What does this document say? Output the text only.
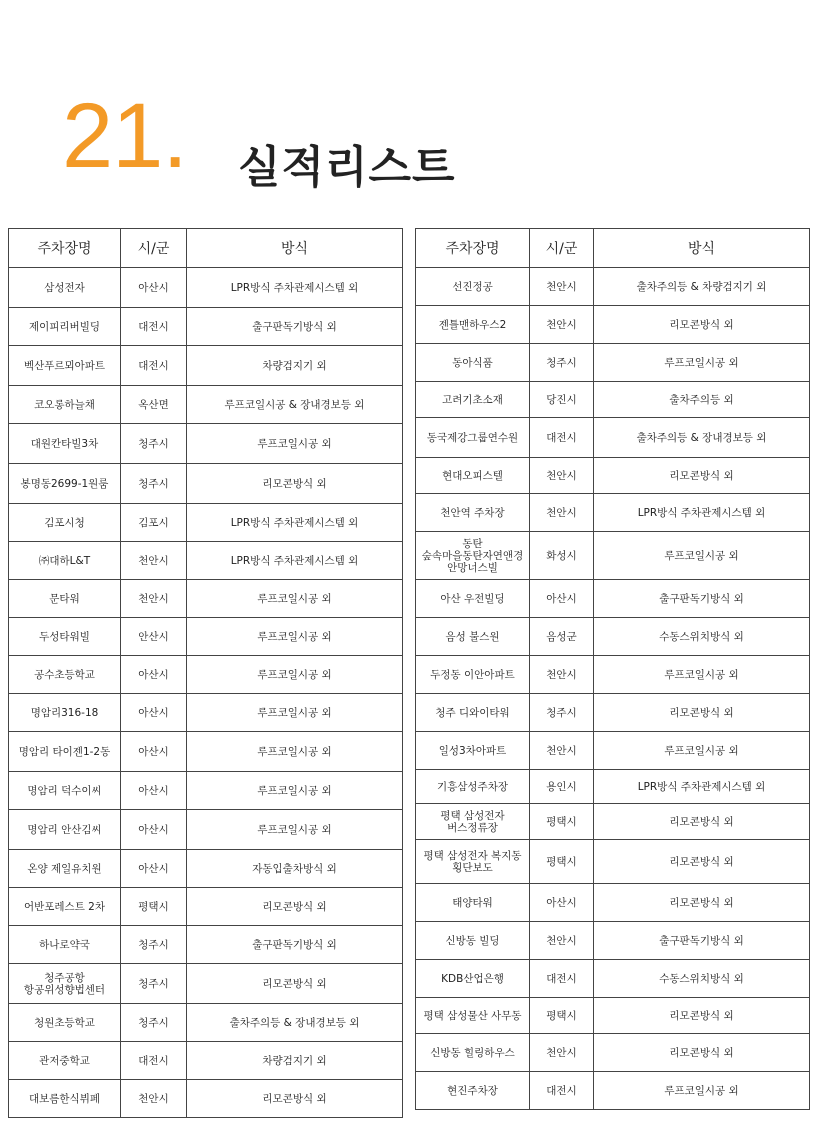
21. 실적리스트
주차장명	시/군	방식
삼성전자	아산시	LPR방식 주차관제시스템 외
제이피리버빌딩	대전시	출구판독기방식 외
벡산푸르뫼아파트	대전시	차량검지기 외
코오롱하늘채	옥산면	루프코일시공 & 장내경보등 외
대원칸타빌3차	청주시	루프코일시공 외
봉명동2699-1원룸	청주시	리모콘방식 외
김포시청	김포시	LPR방식 주차관제시스템 외
㈜대하L&T	천안시	LPR방식 주차관제시스템 외
문타워	천안시	루프코일시공 외
두성타워빌	안산시	루프코일시공 외
공수초등학교	아산시	루프코일시공 외
명암리316-18	아산시	루프코일시공 외
명암리 타이젠1-2동	아산시	루프코일시공 외
명암리 덕수이씨	아산시	루프코일시공 외
명암리 안산김씨	아산시	루프코일시공 외
온양 제일유치원	아산시	자동입출차방식 외
어반포레스트 2차	평택시	리모콘방식 외
하나로약국	청주시	출구판독기방식 외
청주공항 항공위성향법센터	청주시	리모콘방식 외
청원초등학교	청주시	출차주의등 & 장내경보등 외
관저중학교	대전시	차량검지기 외
대보름한식뷔페	천안시	리모콘방식 외
주차장명	시/군	방식
선진정공	천안시	출차주의등 & 차량검지기 외
젠틀맨하우스2	천안시	리모콘방식 외
동아식품	청주시	루프코일시공 외
고려기초소재	당진시	출차주의등 외
동국제강그룹연수원	대전시	출차주의등 & 장내경보등 외
현대오피스텔	천안시	리모콘방식 외
천안역 주차장	천안시	LPR방식 주차관제시스템 외
동탄 숲속마을동탄자연앤경안망너스빌	화성시	루프코일시공 외
아산 우전빌딩	아산시	출구판독기방식 외
음성 불스원	음성군	수동스위치방식 외
두정동 이안아파트	천안시	루프코일시공 외
청주 디와이타워	청주시	리모콘방식 외
일성3차아파트	천안시	루프코일시공 외
기흥삼성주차장	용인시	LPR방식 주차관제시스템 외
평택 삼성전자 버스정류장	평택시	리모콘방식 외
평택 삼성전자 복지동 횡단보도	평택시	리모콘방식 외
태양타워	아산시	리모콘방식 외
신방동 빌딩	천안시	출구판독기방식 외
KDB산업은행	대전시	수동스위치방식 외
평택 삼성물산 사무동	평택시	리모콘방식 외
신방동 힐링하우스	천안시	리모콘방식 외
현진주차장	대전시	루프코일시공 외
